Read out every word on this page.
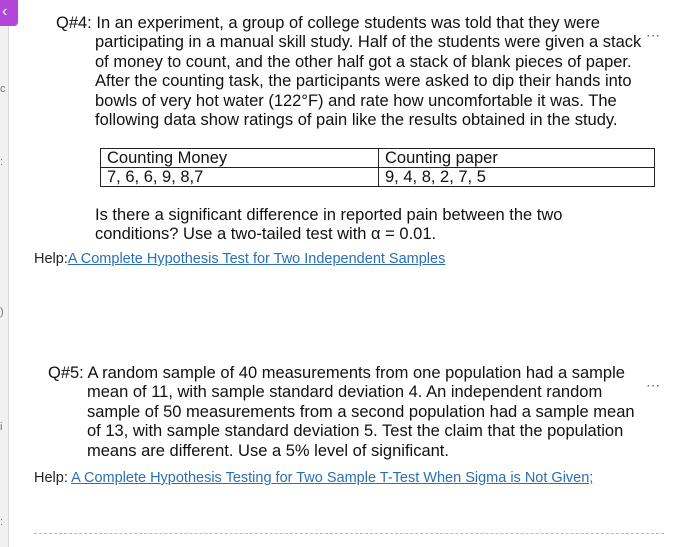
‹
c
:
)
i
:
Q#4: In an experiment, a group of college students was told that they were
participating in a manual skill study. Half of the students were given a stack
of money to count, and the other half got a stack of blank pieces of paper.
After the counting task, the participants were asked to dip their hands into
bowls of very hot water (122°F) and rate how uncomfortable it was. The
following data show ratings of pain like the results obtained in the study.
⋯
Counting Money	Counting paper
7, 6, 6, 9, 8,7	9, 4, 8, 2, 7, 5
Is there a significant difference in reported pain between the two
conditions? Use a two-tailed test with α = 0.01.
Help:A Complete Hypothesis Test for Two Independent Samples
Q#5: A random sample of 40 measurements from one population had a sample
mean of 11, with sample standard deviation 4. An independent random
sample of 50 measurements from a second population had a sample mean
of 13, with sample standard deviation 5. Test the claim that the population
means are different. Use a 5% level of significant.
⋯
Help: A Complete Hypothesis Testing for Two Sample T-Test When Sigma is Not Given;
